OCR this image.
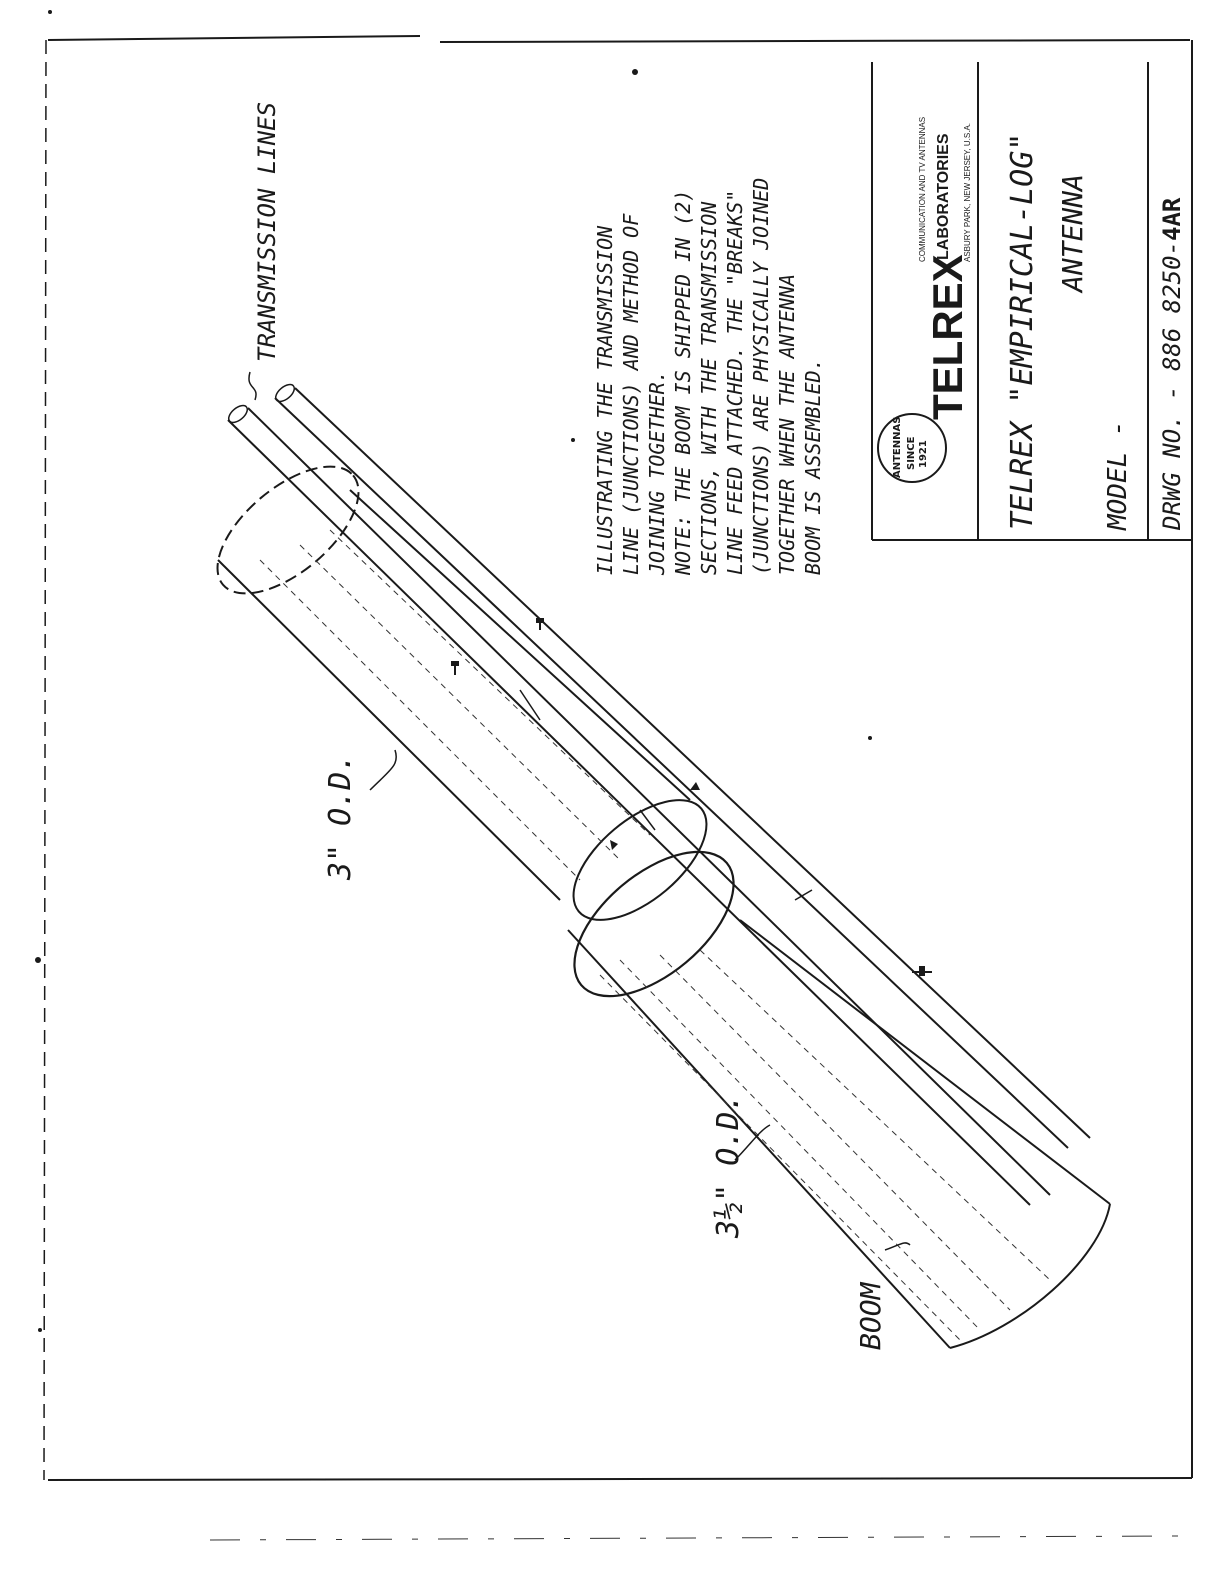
TRANSMISSION LINES
3" O.D.
3½" O.D.
BOOM
ILLUSTRATING THE TRANSMISSION LINE (JUNCTIONS) AND METHOD OF JOINING TOGETHER. NOTE: THE BOOM IS SHIPPED IN (2) SECTIONS, WITH THE TRANSMISSION LINE FEED ATTACHED. THE "BREAKS" (JUNCTIONS) ARE PHYSICALLY JOINED TOGETHER WHEN THE ANTENNA BOOM IS ASSEMBLED.	ANTENNAS SINCE 1921
TELREX
LABORATORIES
COMMUNICATION AND TV ANTENNAS	ASBURY PARK, NEW JERSEY, U.S.A. TELREX "EMPIRICAL-LOG" ANTENNA
MODEL - DRWG NO. - 886 8250-4AR
